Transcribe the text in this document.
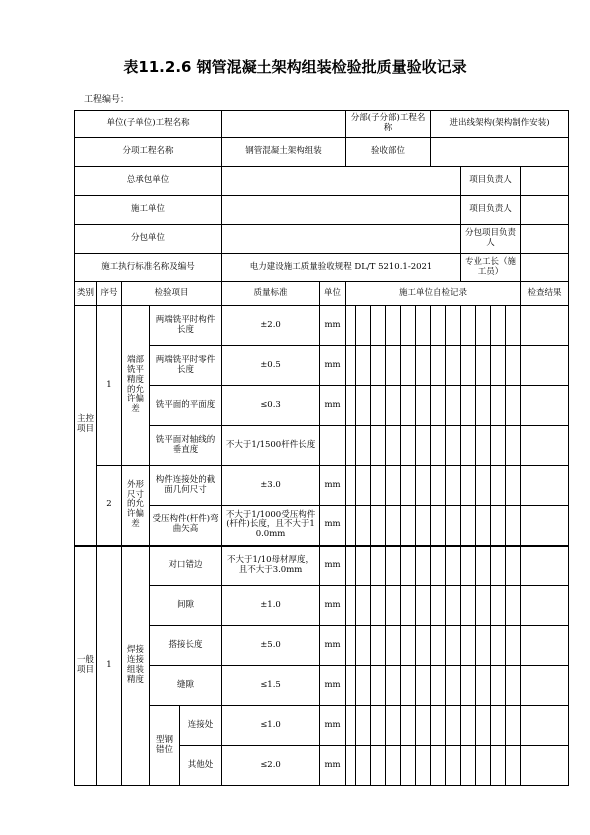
表11.2.6 钢管混凝土架构组装检验批质量验收记录
工程编号：
单位(子单位)工程名称							分部(子分部)工程名称						进出线架构(架构制作安装)						
分项工程名称					钢管混凝土架构组装		验收部位												
总承包单位															项目负责人				
施工单位															项目负责人				
分包单位															分包项目负责人				
施工执行标准名称及编号					电力建设施工质量验收规程 DL/T 5210.1-2021										专业工长（施工员）				
类别	序号	检验项目			质量标准	单位	施工单位自检记录												检查结果
主控项目	1	端部铣平精度的允许偏差	两端铣平时构件长度		±2.0	mm													
			两端铣平时零件长度		±0.5	mm													
			铣平面的平面度		≤0.3	mm													
			铣平面对轴线的垂直度		不大于1/1500杆件长度														
	2	外形尺寸的允许偏差	构件连接处的截面几何尺寸		±3.0	mm													
			受压构件(杆件)弯曲矢高		不大于1/1000受压构件(杆件)长度，且不大于10.0mm	mm													
一般项目	1	焊接连接组装精度	对口错边		不大于1/10母材厚度，且不大于3.0mm	mm													
			间隙		±1.0	mm													
			搭接长度		±5.0	mm													
			缝隙		≤1.5	mm													
			型钢错位	连接处	≤1.0	mm													
				其他处	≤2.0	mm													
